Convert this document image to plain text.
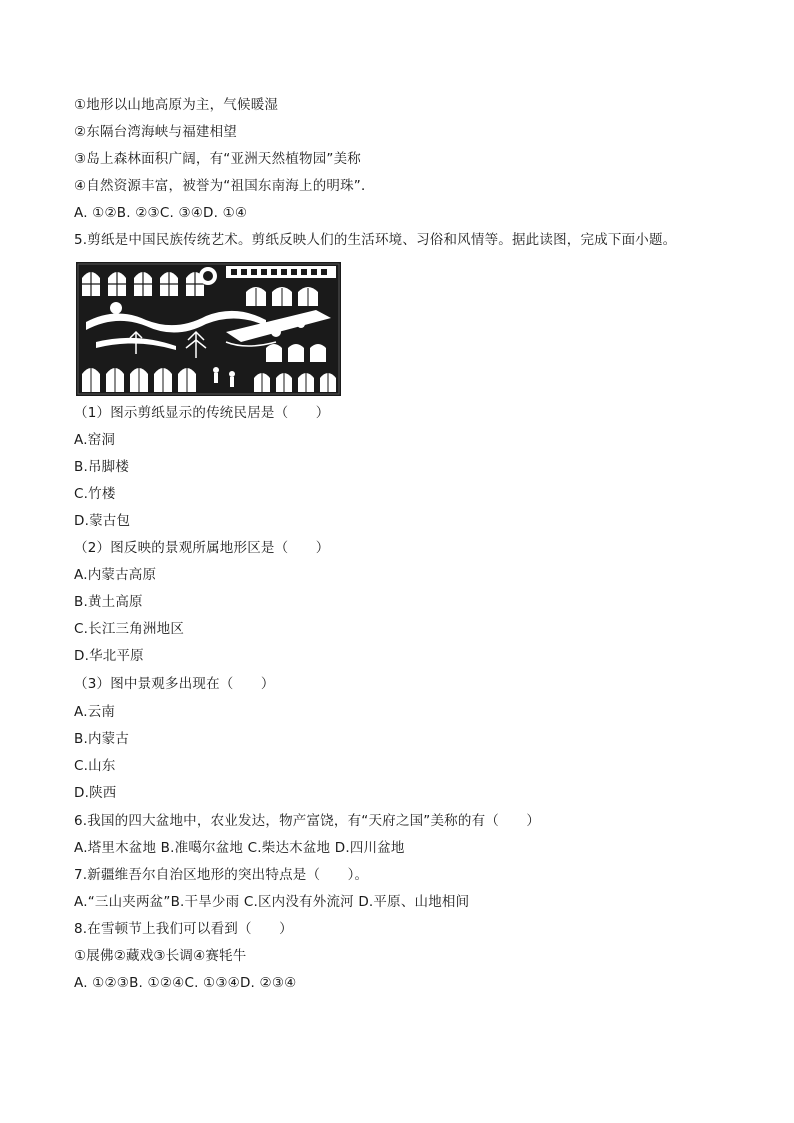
①地形以山地高原为主，气候暖湿
②东隔台湾海峡与福建相望
③岛上森林面积广阔，有“亚洲天然植物园”美称
④自然资源丰富，被誉为“祖国东南海上的明珠”．
A. ①②B. ②③C. ③④D. ①④
5.剪纸是中国民族传统艺术。剪纸反映人们的生活环境、习俗和风情等。据此读图，完成下面小题。
（1）图示剪纸显示的传统民居是（　　）
A.窑洞
B.吊脚楼
C.竹楼
D.蒙古包
（2）图反映的景观所属地形区是（　　）
A.内蒙古高原
B.黄土高原
C.长江三角洲地区
D.华北平原
（3）图中景观多出现在（　　）
A.云南
B.内蒙古
C.山东
D.陕西
6.我国的四大盆地中，农业发达，物产富饶，有“天府之国”美称的有（　　）
A.塔里木盆地 B.准噶尔盆地 C.柴达木盆地 D.四川盆地
7.新疆维吾尔自治区地形的突出特点是（　　）。
A.“三山夹两盆”B.干旱少雨 C.区内没有外流河 D.平原、山地相间
8.在雪顿节上我们可以看到（　　）
①展佛②藏戏③长调④赛牦牛
A. ①②③B. ①②④C. ①③④D. ②③④
